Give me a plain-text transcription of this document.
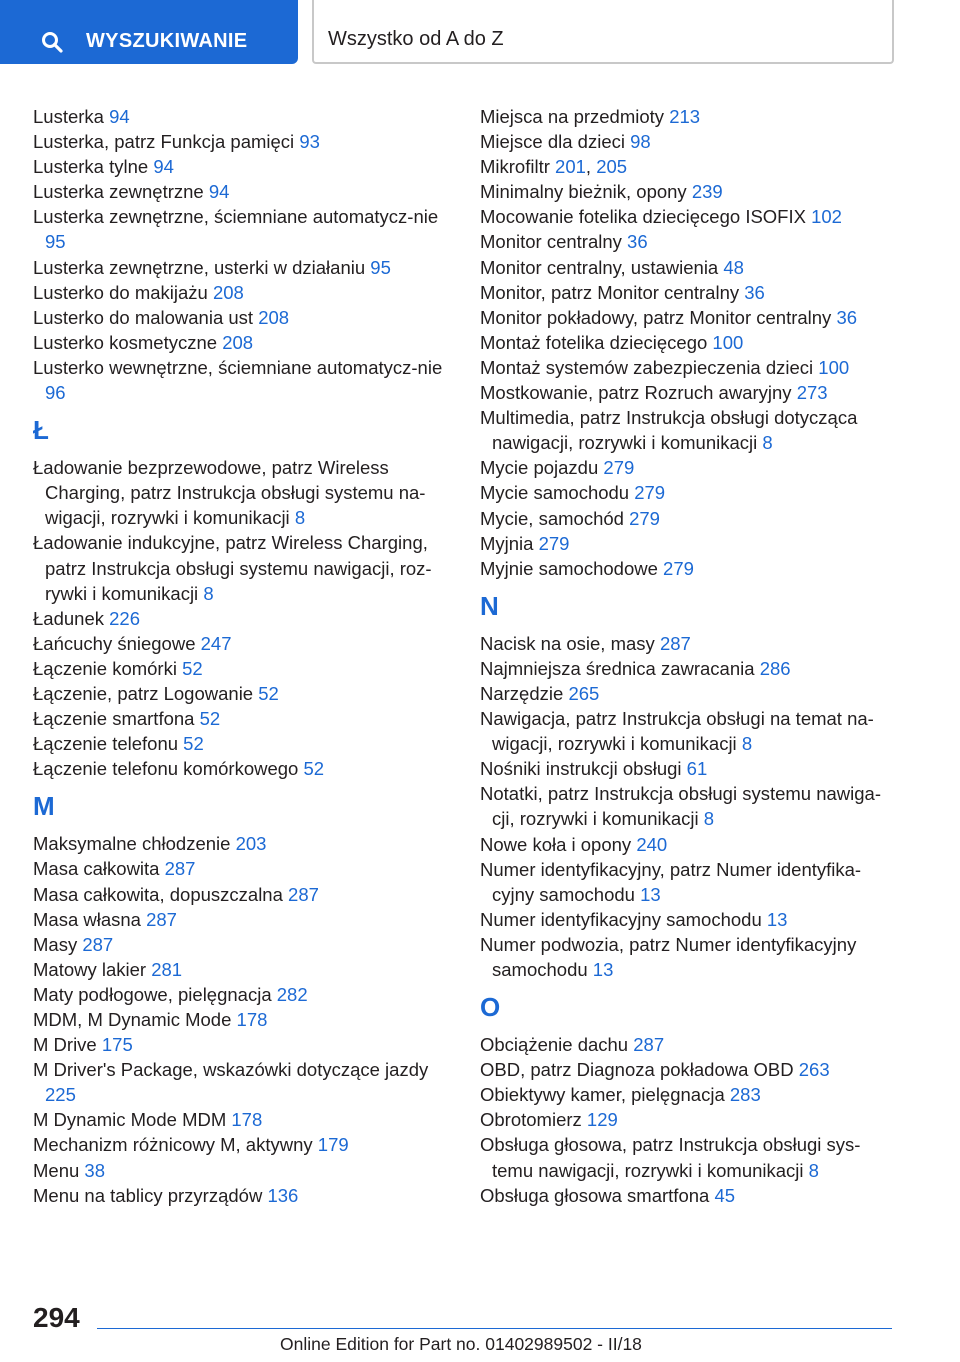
WYSZUKIWANIE	Wszystko od A do Z
Lusterka 94
Lusterka, patrz Funkcja pamięci 93
Lusterka tylne 94
Lusterka zewnętrzne 94
Lusterka zewnętrzne, ściemniane automatycz‐nie 95
Lusterka zewnętrzne, usterki w działaniu 95
Lusterko do makijażu 208
Lusterko do malowania ust 208
Lusterko kosmetyczne 208
Lusterko wewnętrzne, ściemniane automatycz‐nie 96
Ł
Ładowanie bezprzewodowe, patrz Wireless Charging, patrz Instrukcja obsługi systemu na‐wigacji, rozrywki i komunikacji 8
Ładowanie indukcyjne, patrz Wireless Charging, patrz Instrukcja obsługi systemu nawigacji, roz‐rywki i komunikacji 8
Ładunek 226
Łańcuchy śniegowe 247
Łączenie komórki 52
Łączenie, patrz Logowanie 52
Łączenie smartfona 52
Łączenie telefonu 52
Łączenie telefonu komórkowego 52
M
Maksymalne chłodzenie 203
Masa całkowita 287
Masa całkowita, dopuszczalna 287
Masa własna 287
Masy 287
Matowy lakier 281
Maty podłogowe, pielęgnacja 282
MDM, M Dynamic Mode 178
M Drive 175
M Driver's Package, wskazówki dotyczące jazdy 225
M Dynamic Mode MDM 178
Mechanizm różnicowy M, aktywny 179
Menu 38
Menu na tablicy przyrządów 136
Miejsca na przedmioty 213
Miejsce dla dzieci 98
Mikrofiltr 201, 205
Minimalny bieżnik, opony 239
Mocowanie fotelika dziecięcego ISOFIX 102
Monitor centralny 36
Monitor centralny, ustawienia 48
Monitor, patrz Monitor centralny 36
Monitor pokładowy, patrz Monitor centralny 36
Montaż fotelika dziecięcego 100
Montaż systemów zabezpieczenia dzieci 100
Mostkowanie, patrz Rozruch awaryjny 273
Multimedia, patrz Instrukcja obsługi dotycząca nawigacji, rozrywki i komunikacji 8
Mycie pojazdu 279
Mycie samochodu 279
Mycie, samochód 279
Myjnia 279
Myjnie samochodowe 279
N
Nacisk na osie, masy 287
Najmniejsza średnica zawracania 286
Narzędzie 265
Nawigacja, patrz Instrukcja obsługi na temat na‐wigacji, rozrywki i komunikacji 8
Nośniki instrukcji obsługi 61
Notatki, patrz Instrukcja obsługi systemu nawiga‐cji, rozrywki i komunikacji 8
Nowe koła i opony 240
Numer identyfikacyjny, patrz Numer identyfika‐cyjny samochodu 13
Numer identyfikacyjny samochodu 13
Numer podwozia, patrz Numer identyfikacyjny samochodu 13
O
Obciążenie dachu 287
OBD, patrz Diagnoza pokładowa OBD 263
Obiektywy kamer, pielęgnacja 283
Obrotomierz 129
Obsługa głosowa, patrz Instrukcja obsługi sys‐temu nawigacji, rozrywki i komunikacji 8
Obsługa głosowa smartfona 45
294
Online Edition for Part no. 01402989502 - II/18
